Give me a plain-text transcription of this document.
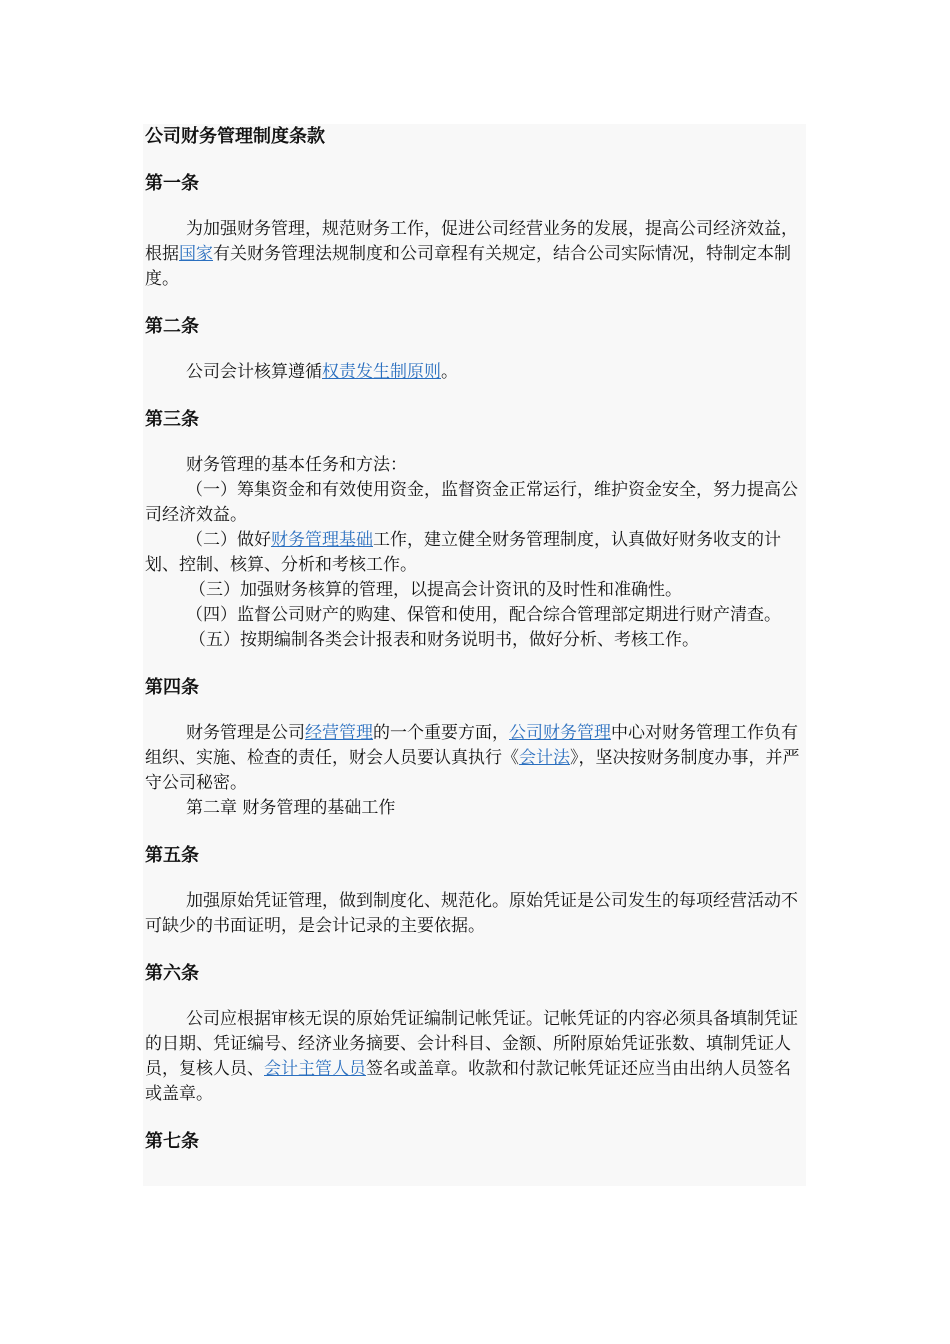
公司财务管理制度条款
第一条

为加强财务管理，规范财务工作，促进公司经营业务的发展，提高公司经济效益，根据国家有关财务管理法规制度和公司章程有关规定，结合公司实际情况，特制定本制度。

第二条

公司会计核算遵循权责发生制原则。

第三条

财务管理的基本任务和方法：

（一）筹集资金和有效使用资金，监督资金正常运行，维护资金安全，努力提高公司经济效益。

（二）做好财务管理基础工作，建立健全财务管理制度，认真做好财务收支的计划、控制、核算、分析和考核工作。

（三）加强财务核算的管理，以提高会计资讯的及时性和准确性。

（四）监督公司财产的购建、保管和使用，配合综合管理部定期进行财产清查。

（五）按期编制各类会计报表和财务说明书，做好分析、考核工作。

第四条

财务管理是公司经营管理的一个重要方面，公司财务管理中心对财务管理工作负有组织、实施、检查的责任，财会人员要认真执行《会计法》，坚决按财务制度办事，并严守公司秘密。

第二章 财务管理的基础工作

第五条

加强原始凭证管理，做到制度化、规范化。原始凭证是公司发生的每项经营活动不可缺少的书面证明，是会计记录的主要依据。

第六条

公司应根据审核无误的原始凭证编制记帐凭证。记帐凭证的内容必须具备填制凭证的日期、凭证编号、经济业务摘要、会计科目、金额、所附原始凭证张数、填制凭证人员，复核人员、会计主管人员签名或盖章。收款和付款记帐凭证还应当由出纳人员签名或盖章。

第七条
